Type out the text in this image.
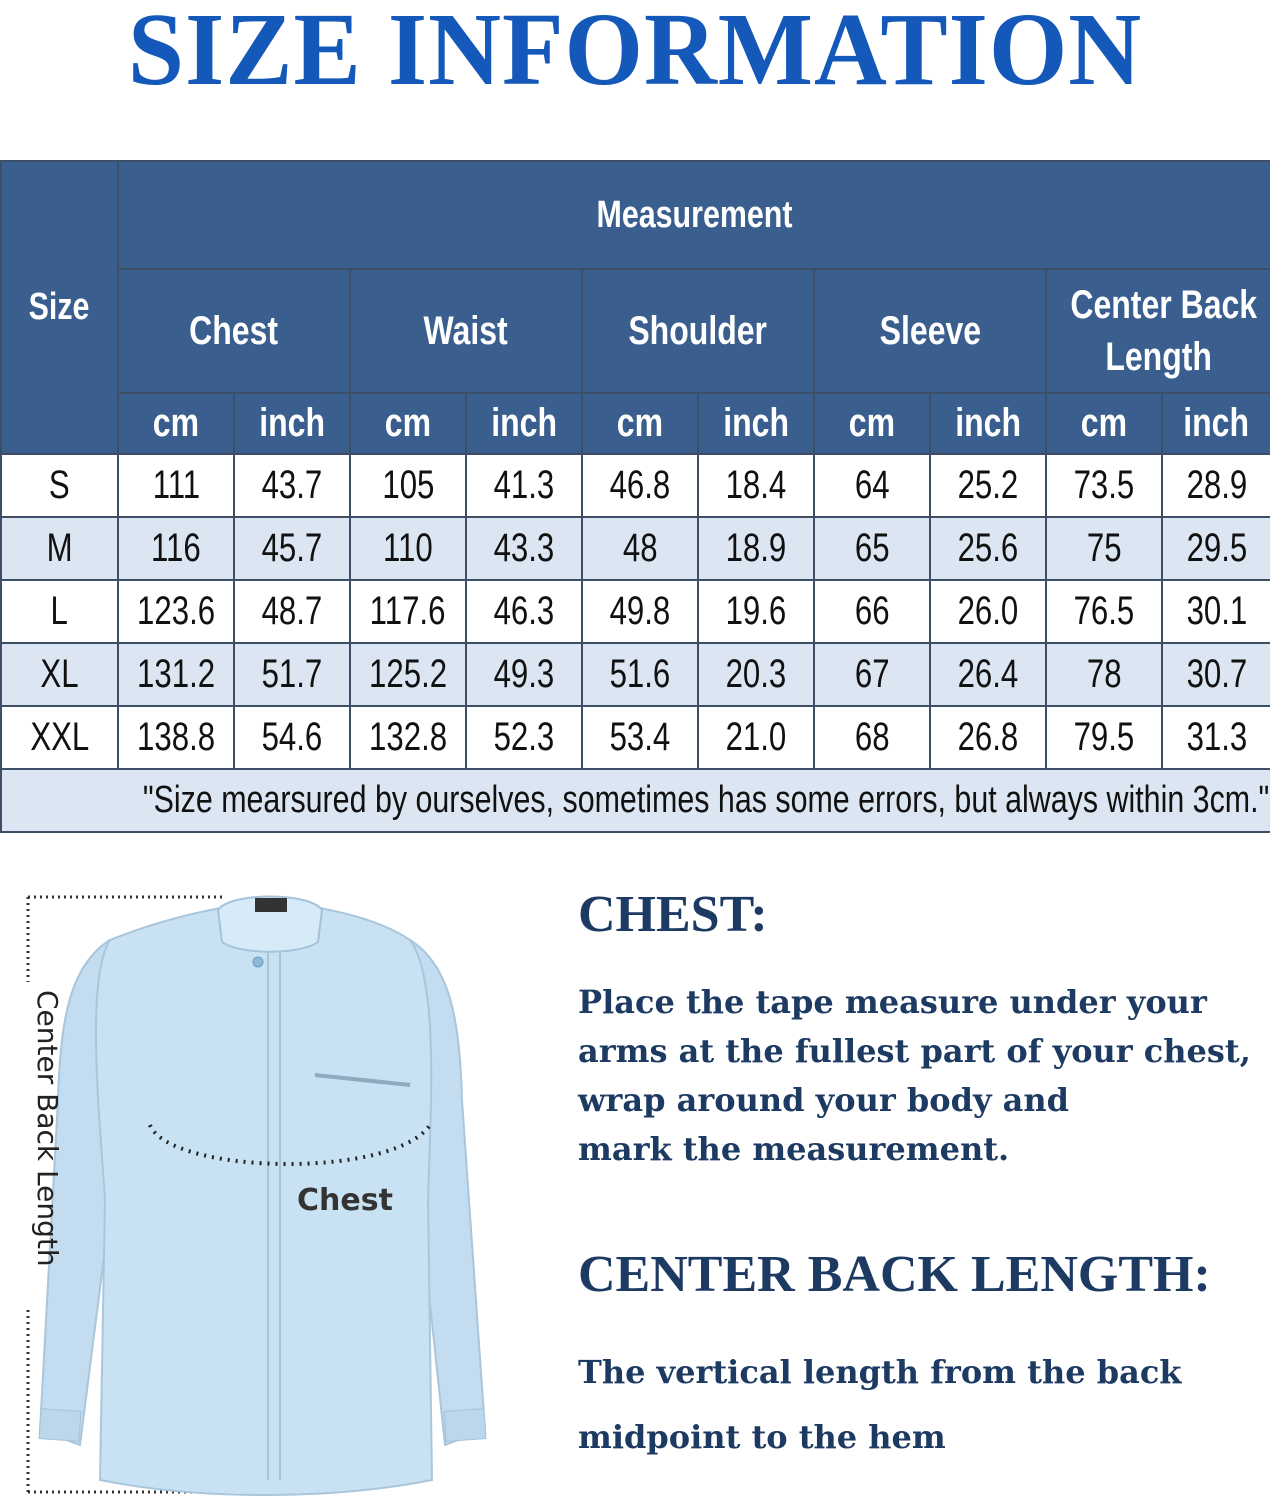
SIZE INFORMATION
Size	Measurement									
	Chest		Waist		Shoulder		Sleeve		Center Back
Length	
	cm	inch	cm	inch	cm	inch	cm	inch	cm	inch
S	111	43.7	105	41.3	46.8	18.4	64	25.2	73.5	28.9
M	116	45.7	110	43.3	48	18.9	65	25.6	75	29.5
L	123.6	48.7	117.6	46.3	49.8	19.6	66	26.0	76.5	30.1
XL	131.2	51.7	125.2	49.3	51.6	20.3	67	26.4	78	30.7
XXL	138.8	54.6	132.8	52.3	53.4	21.0	68	26.8	79.5	31.3
"Size mearsured by ourselves, sometimes has some errors, but always within 3cm."										
Chest
Center Back Length
CHEST:
Place the tape measure under your
arms at the fullest part of your chest,
wrap around your body and
mark the measurement.
CENTER BACK LENGTH:
The vertical length from the back
midpoint to the hem
